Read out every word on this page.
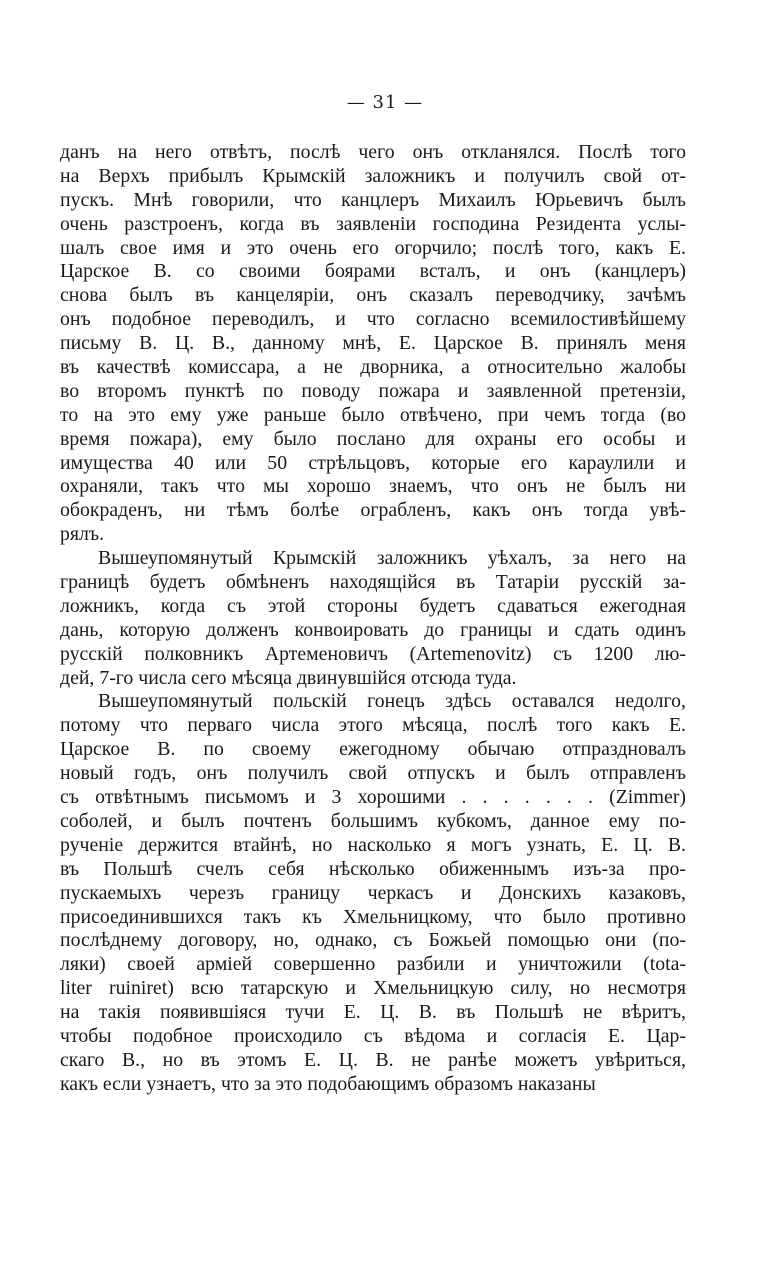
— 31 —
данъ на него отвѣтъ, послѣ чего онъ откланялся. Послѣ того
на Верхъ прибылъ Крымскій заложникъ и получилъ свой от-
пускъ. Мнѣ говорили, что канцлеръ Михаилъ Юрьевичъ былъ
очень разстроенъ, когда въ заявленіи господина Резидента услы-
шалъ свое имя и это очень его огорчило; послѣ того, какъ Е.
Царское В. со своими боярами всталъ, и онъ (канцлеръ)
снова былъ въ канцеляріи, онъ сказалъ переводчику, зачѣмъ
онъ подобное переводилъ, и что согласно всемилостивѣйшему
письму В. Ц. В., данному мнѣ, Е. Царское В. принялъ меня
въ качествѣ комиссара, а не дворника, а относительно жалобы
во второмъ пунктѣ по поводу пожара и заявленной претензіи,
то на это ему уже раньше было отвѣчено, при чемъ тогда (во
время пожара), ему было послано для охраны его особы и
имущества 40 или 50 стрѣльцовъ, которые его караулили и
охраняли, такъ что мы хорошо знаемъ, что онъ не былъ ни
обокраденъ, ни тѣмъ болѣе ограбленъ, какъ онъ тогда увѣ-
рялъ.
Вышеупомянутый Крымскій заложникъ уѣхалъ, за него на
границѣ будетъ обмѣненъ находящійся въ Татаріи русскій за-
ложникъ, когда съ этой стороны будетъ сдаваться ежегодная
дань, которую долженъ конвоировать до границы и сдать одинъ
русскій полковникъ Артеменовичъ (Artemenovitz) съ 1200 лю-
дей, 7-го числа сего мѣсяца двинувшійся отсюда туда.
Вышеупомянутый польскій гонецъ здѣсь оставался недолго,
потому что перваго числа этого мѣсяца, послѣ того какъ Е.
Царское В. по своему ежегодному обычаю отпраздновалъ
новый годъ, онъ получилъ свой отпускъ и былъ отправленъ
съ отвѣтнымъ письмомъ и 3 хорошими . . . . . . . (Zimmer)
соболей, и былъ почтенъ большимъ кубкомъ, данное ему по-
рученіе держится втайнѣ, но насколько я могъ узнать, Е. Ц. В.
въ Польшѣ счелъ себя нѣсколько обиженнымъ изъ-за про-
пускаемыхъ черезъ границу черкасъ и Донскихъ казаковъ,
присоединившихся такъ къ Хмельницкому, что было противно
послѣднему договору, но, однако, съ Божьей помощью они (по-
ляки) своей арміей совершенно разбили и уничтожили (tota-
liter ruiniret) всю татарскую и Хмельницкую силу, но несмотря
на такія появившіяся тучи Е. Ц. В. въ Польшѣ не вѣритъ,
чтобы подобное происходило съ вѣдома и согласія Е. Цар-
скаго В., но въ этомъ Е. Ц. В. не ранѣе можетъ увѣриться,
какъ если узнаетъ, что за это подобающимъ образомъ наказаны
